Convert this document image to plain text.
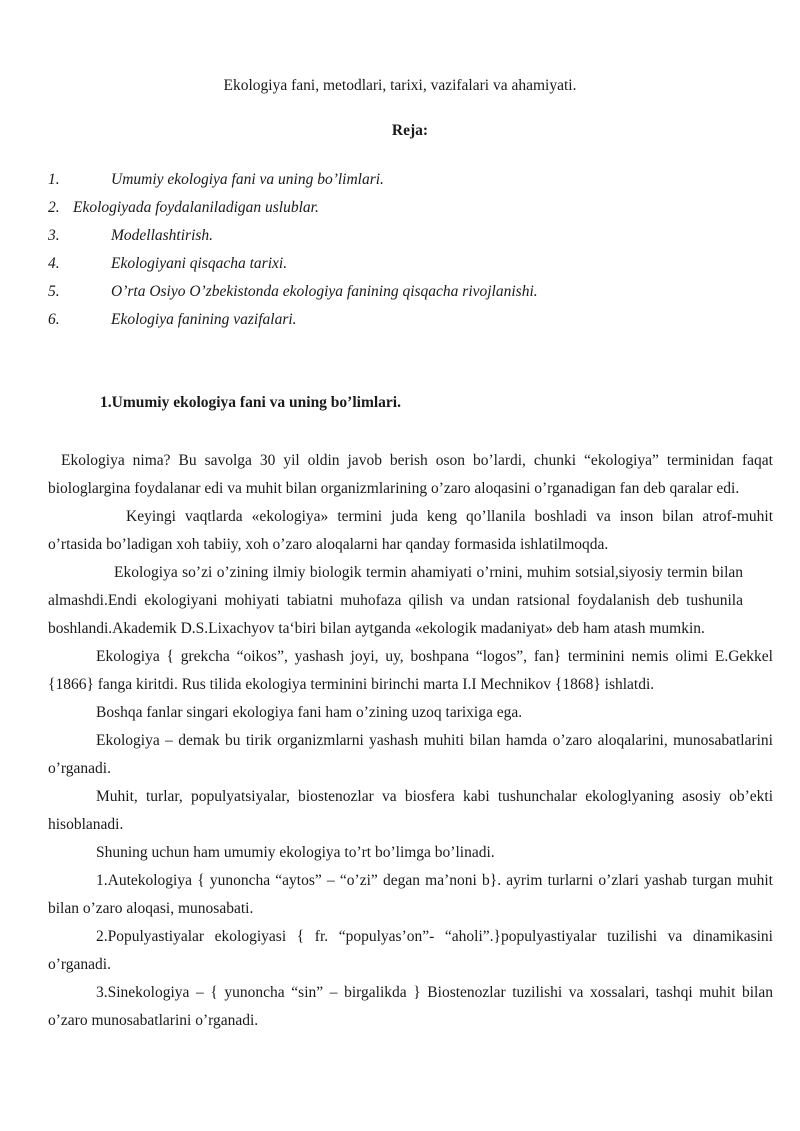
Ekologiya fani, metodlari, tarixi, vazifalari va ahamiyati.
Reja:
1.	Umumiy ekologiya fani va uning bo’limlari.
2. Ekologiyada foydalaniladigan uslublar.
3.	Modellashtirish.
4.	Ekologiyani qisqacha tarixi.
5.	O’rta Osiyo O’zbekistonda ekologiya fanining qisqacha rivojlanishi.
6.	Ekologiya fanining vazifalari.
1.Umumiy ekologiya fani va uning bo’limlari.

Ekologiya nima? Bu savolga 30 yil oldin javob berish oson bo’lardi, chunki “ekologiya” terminidan faqat biologlargina foydalanar edi va muhit bilan organizmlarining o’zaro aloqasini o’rganadigan fan deb qaralar edi.

Keyingi vaqtlarda «ekologiya» termini juda keng qo’llanila boshladi va inson bilan atrof-muhit o’rtasida bo’ladigan xoh tabiiy, xoh o’zaro aloqalarni har qanday formasida ishlatilmoqda.

Ekologiya so’zi o’zining ilmiy biologik termin ahamiyati o’rnini, muhim sotsial,siyosiy termin bilan almashdi.Endi ekologiyani mohiyati tabiatni muhofaza qilish va undan ratsional foydalanish deb tushunila boshlandi.Akademik D.S.Lixachyov ta‘biri bilan aytganda «ekologik madaniyat» deb ham atash mumkin.

Ekologiya { grekcha “oikos”, yashash joyi, uy, boshpana “logos”, fan} terminini nemis olimi E.Gekkel {1866} fanga kiritdi. Rus tilida ekologiya terminini birinchi marta I.I Mechnikov {1868} ishlatdi.

Boshqa fanlar singari ekologiya fani ham o’zining uzoq tarixiga ega.

Ekologiya – demak bu tirik organizmlarni yashash muhiti bilan hamda o’zaro aloqalarini, munosabatlarini o’rganadi.

Muhit, turlar, populyatsiyalar, biostenozlar va biosfera kabi tushunchalar ekologlyaning asosiy ob’ekti hisoblanadi.

Shuning uchun ham umumiy ekologiya to’rt bo’limga bo’linadi.

1.Autekologiya { yunoncha “aytos” – “o’zi” degan ma’noni b}. ayrim turlarni o’zlari yashab turgan muhit bilan o’zaro aloqasi, munosabati.

2.Populyastiyalar ekologiyasi { fr. “populyas’on”- “aholi”.}populyastiyalar tuzilishi va dinamikasini o’rganadi.

3.Sinekologiya – { yunoncha “sin” – birgalikda } Biostenozlar tuzilishi va xossalari, tashqi muhit bilan o’zaro munosabatlarini o’rganadi.
